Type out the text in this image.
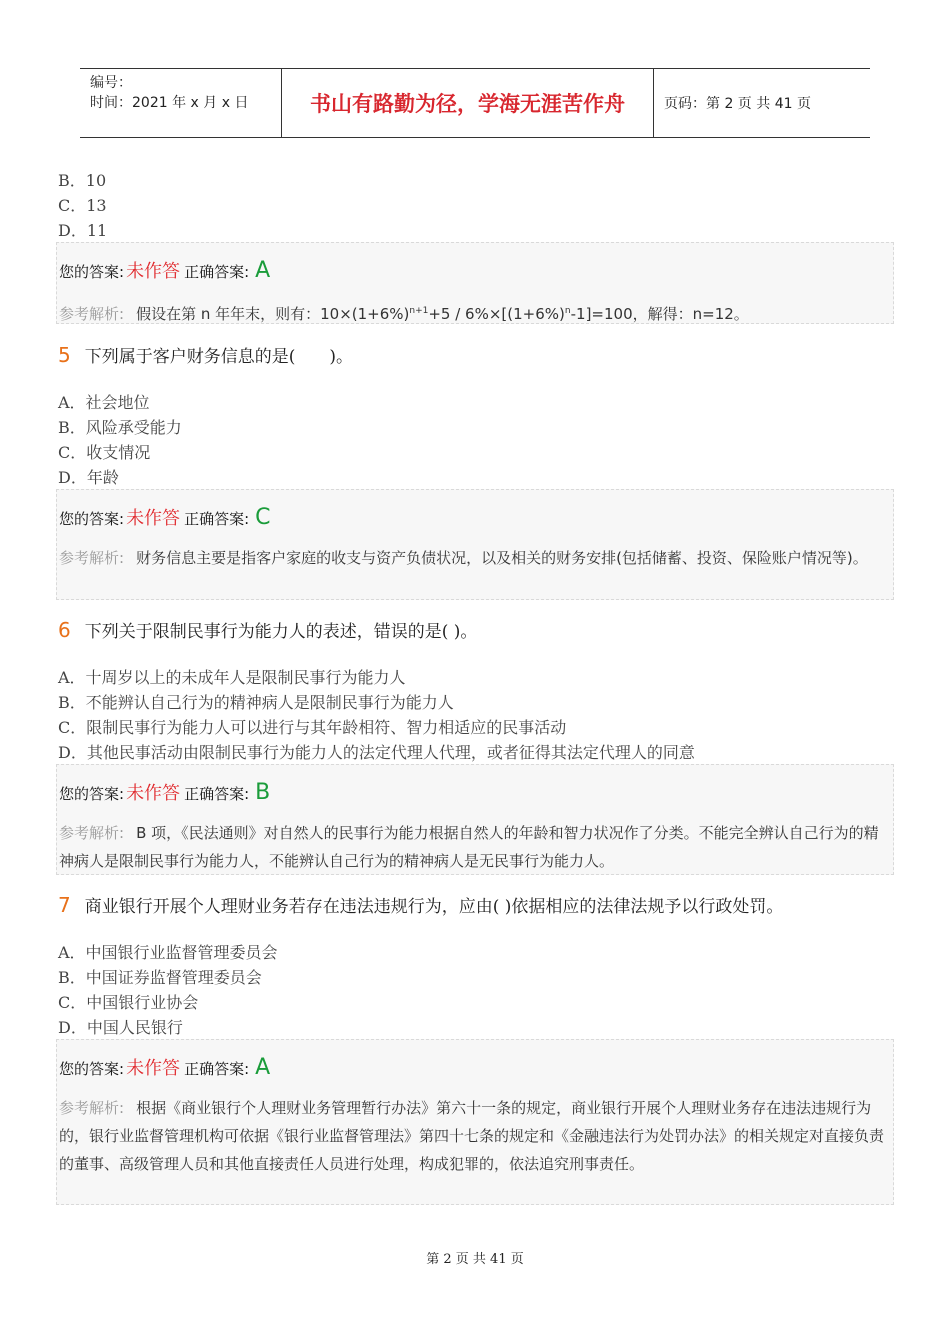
编号：
时间：2021 年 x 月 x 日	书山有路勤为径，学海无涯苦作舟	页码：第 2 页 共 41 页
B．10
C．13
D．11
您的答案: 未作答 正确答案: A
参考解析: 假设在第 n 年年末，则有：$10\times(1+6\%)^{n+1}+5 / 6\%\times[(1+6\%)^n-1]=100$，解得：n=12。
5 下列属于客户财务信息的是(　　)。
A．社会地位
B．风险承受能力
C．收支情况
D．年龄
您的答案: 未作答 正确答案: C
参考解析: 财务信息主要是指客户家庭的收支与资产负债状况，以及相关的财务安排(包括储蓄、投资、保险账户情况等)。
6 下列关于限制民事行为能力人的表述，错误的是( )。
A．十周岁以上的未成年人是限制民事行为能力人
B．不能辨认自己行为的精神病人是限制民事行为能力人
C．限制民事行为能力人可以进行与其年龄相符、智力相适应的民事活动
D．其他民事活动由限制民事行为能力人的法定代理人代理，或者征得其法定代理人的同意
您的答案: 未作答 正确答案: B
参考解析: B 项，《民法通则》对自然人的民事行为能力根据自然人的年龄和智力状况作了分类。不能完全辨认自己行为的精神病人是限制民事行为能力人，不能辨认自己行为的精神病人是无民事行为能力人。
7 商业银行开展个人理财业务若存在违法违规行为，应由( )依据相应的法律法规予以行政处罚。
A．中国银行业监督管理委员会
B．中国证券监督管理委员会
C．中国银行业协会
D．中国人民银行
您的答案: 未作答 正确答案: A
参考解析: 根据《商业银行个人理财业务管理暂行办法》第六十一条的规定，商业银行开展个人理财业务存在违法违规行为的，银行业监督管理机构可依据《银行业监督管理法》第四十七条的规定和《金融违法行为处罚办法》的相关规定对直接负责的董事、高级管理人员和其他直接责任人员进行处理，构成犯罪的，依法追究刑事责任。
第 2 页 共 41 页
